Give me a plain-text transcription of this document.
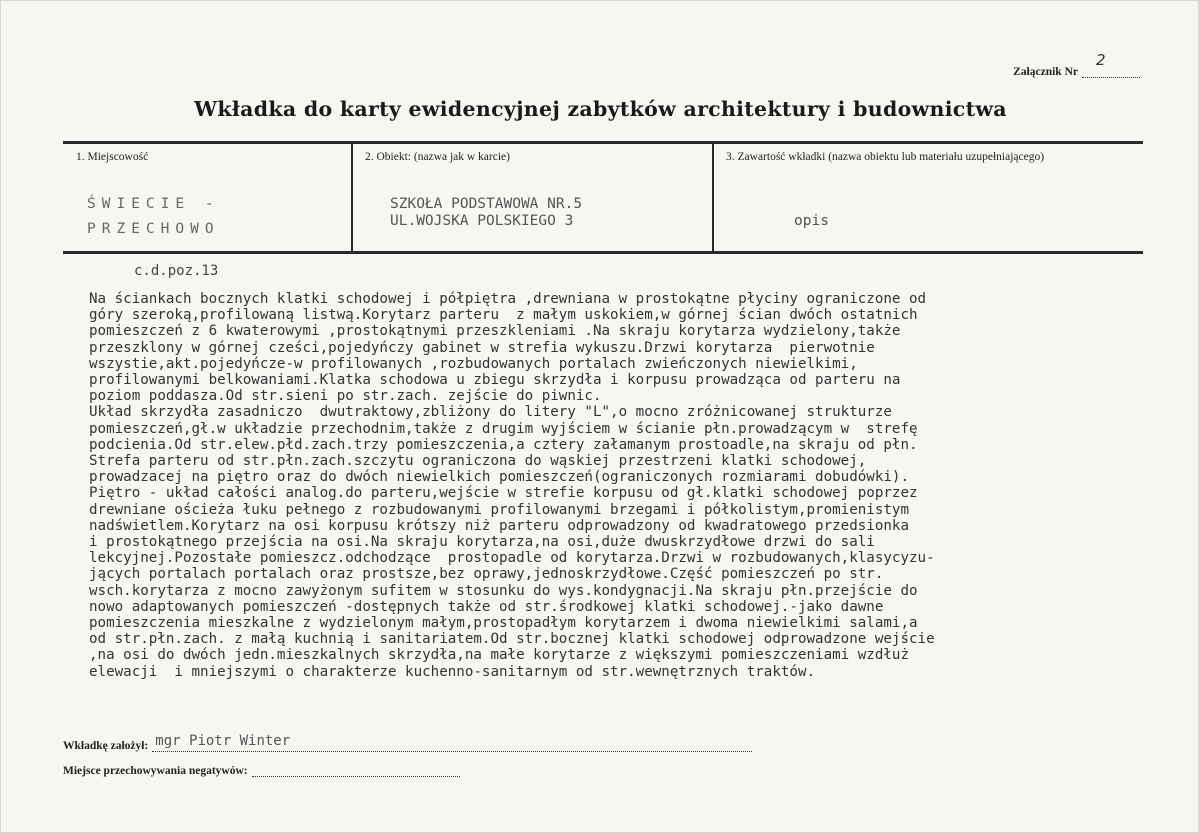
Załącznik Nr
2
Wkładka do karty ewidencyjnej zabytków architektury i budownictwa
1. Miejscowość
ŚWIECIE -
PRZECHOWO
2. Obiekt: (nazwa jak w karcie)
SZKOŁA PODSTAWOWA NR.5
UL.WOJSKA POLSKIEGO 3
3. Zawartość wkładki (nazwa obiektu lub materiału uzupełniającego)
opis
c.d.poz.13
Na ściankach bocznych klatki schodowej i półpiętra ,drewniana w prostokątne płyciny ograniczone od
góry szeroką,profilowaną listwą.Korytarz parteru  z małym uskokiem,w górnej ścian dwóch ostatnich
pomieszczeń z 6 kwaterowymi ,prostokątnymi przeszkleniami .Na skraju korytarza wydzielony,także
przeszklony w górnej cześci,pojedyńczy gabinet w strefia wykuszu.Drzwi korytarza  pierwotnie
wszystie,akt.pojedyńcze-w profilowanych ,rozbudowanych portalach zwieńczonych niewielkimi,
profilowanymi belkowaniami.Klatka schodowa u zbiegu skrzydła i korpusu prowadząca od parteru na
poziom poddasza.Od str.sieni po str.zach. zejście do piwnic.
Układ skrzydła zasadniczo  dwutraktowy,zbliżony do litery "L",o mocno zróżnicowanej strukturze
pomieszczeń,gł.w układzie przechodnim,także z drugim wyjściem w ścianie płn.prowadzącym w  strefę
podcienia.Od str.elew.płd.zach.trzy pomieszczenia,a cztery załamanym prostoadle,na skraju od płn.
Strefa parteru od str.płn.zach.szczytu ograniczona do wąskiej przestrzeni klatki schodowej,
prowadzacej na piętro oraz do dwóch niewielkich pomieszczeń(ograniczonych rozmiarami dobudówki).
Piętro - układ całości analog.do parteru,wejście w strefie korpusu od gł.klatki schodowej poprzez
drewniane ościeża łuku pełnego z rozbudowanymi profilowanymi brzegami i półkolistym,promienistym
nadświetlem.Korytarz na osi korpusu krótszy niż parteru odprowadzony od kwadratowego przedsionka
i prostokątnego przejścia na osi.Na skraju korytarza,na osi,duże dwuskrzydłowe drzwi do sali
lekcyjnej.Pozostałe pomieszcz.odchodzące  prostopadle od korytarza.Drzwi w rozbudowanych,klasycyzu-
jących portalach portalach oraz prostsze,bez oprawy,jednoskrzydłowe.Część pomieszczeń po str.
wsch.korytarza z mocno zawyżonym sufitem w stosunku do wys.kondygnacji.Na skraju płn.przejście do
nowo adaptowanych pomieszczeń -dostępnych także od str.środkowej klatki schodowej.-jako dawne
pomieszczenia mieszkalne z wydzielonym małym,prostopadłym korytarzem i dwoma niewielkimi salami,a
od str.płn.zach. z małą kuchnią i sanitariatem.Od str.bocznej klatki schodowej odprowadzone wejście
,na osi do dwóch jedn.mieszkalnych skrzydła,na małe korytarze z większymi pomieszczeniami wzdłuż
elewacji  i mniejszymi o charakterze kuchenno-sanitarnym od str.wewnętrznych traktów.
Wkładkę założył: mgr Piotr Winter
Miejsce przechowywania negatywów:
